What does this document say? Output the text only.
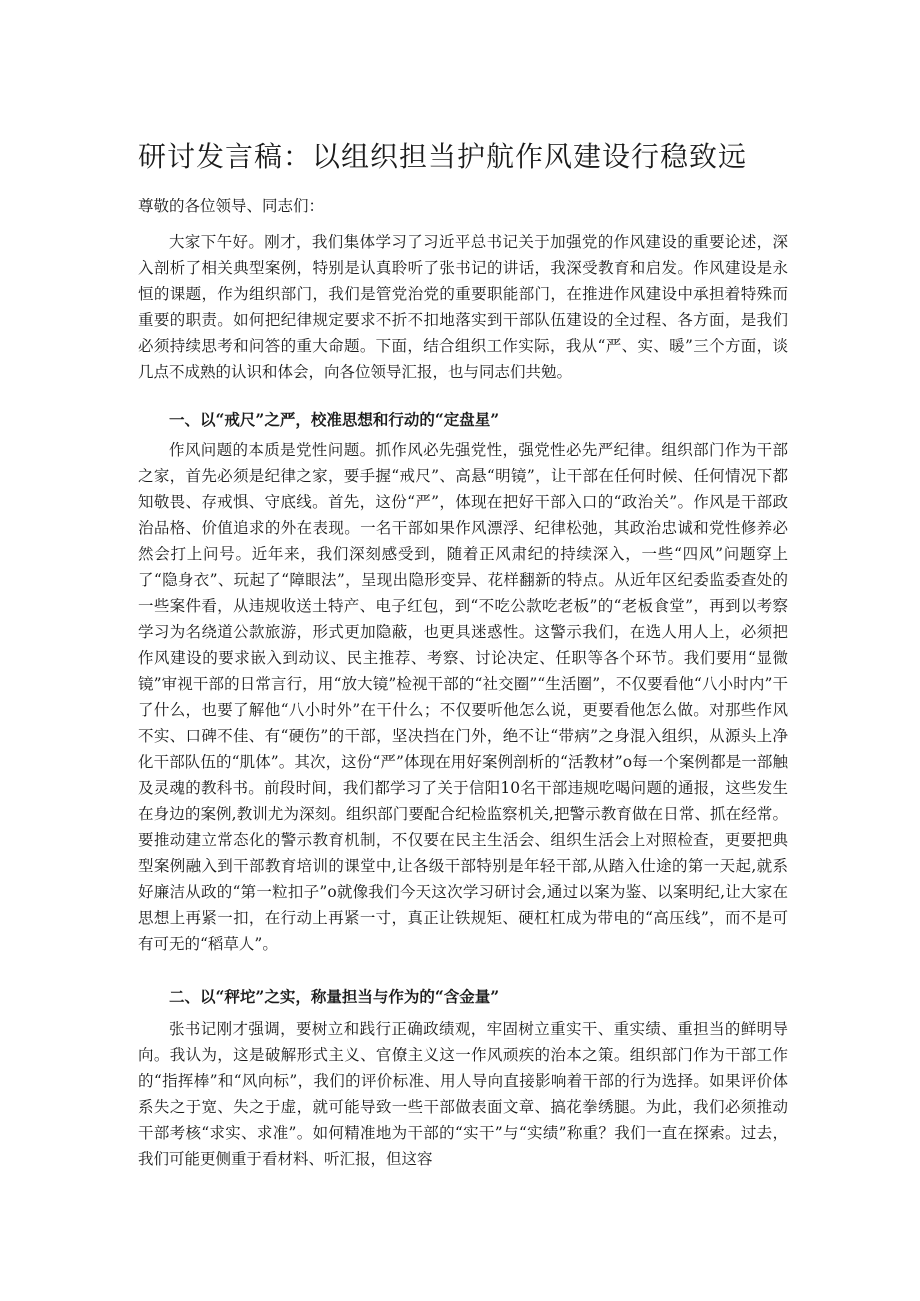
研讨发言稿：以组织担当护航作风建设行稳致远

尊敬的各位领导、同志们：

大家下午好。刚才，我们集体学习了习近平总书记关于加强党的作风建设的重要论述，深入剖析了相关典型案例，特别是认真聆听了张书记的讲话，我深受教育和启发。作风建设是永恒的课题，作为组织部门，我们是管党治党的重要职能部门，在推进作风建设中承担着特殊而重要的职责。如何把纪律规定要求不折不扣地落实到干部队伍建设的全过程、各方面，是我们必须持续思考和问答的重大命题。下面，结合组织工作实际，我从“严、实、暖”三个方面，谈几点不成熟的认识和体会，向各位领导汇报，也与同志们共勉。

一、以“戒尺”之严，校准思想和行动的“定盘星”

作风问题的本质是党性问题。抓作风必先强党性，强党性必先严纪律。组织部门作为干部之家，首先必须是纪律之家，要手握“戒尺”、高悬“明镜”，让干部在任何时候、任何情况下都知敬畏、存戒惧、守底线。首先，这份“严”，体现在把好干部入口的“政治关”。作风是干部政治品格、价值追求的外在表现。一名干部如果作风漂浮、纪律松弛，其政治忠诚和党性修养必然会打上问号。近年来，我们深刻感受到，随着正风肃纪的持续深入，一些“四风”问题穿上了“隐身衣”、玩起了“障眼法”，呈现出隐形变异、花样翻新的特点。从近年区纪委监委查处的一些案件看，从违规收送土特产、电子红包，到“不吃公款吃老板”的“老板食堂”，再到以考察学习为名绕道公款旅游，形式更加隐蔽，也更具迷惑性。这警示我们，在选人用人上，必须把作风建设的要求嵌入到动议、民主推荐、考察、讨论决定、任职等各个环节。我们要用“显微镜”审视干部的日常言行，用“放大镜”检视干部的“社交圈”“生活圈”，不仅要看他“八小时内”干了什么，也要了解他“八小时外”在干什么；不仅要听他怎么说，更要看他怎么做。对那些作风不实、口碑不佳、有“硬伤”的干部，坚决挡在门外，绝不让“带病”之身混入组织，从源头上净化干部队伍的“肌体”。其次，这份“严”体现在用好案例剖析的“活教材”o每一个案例都是一部触及灵魂的教科书。前段时间，我们都学习了关于信阳10名干部违规吃喝问题的通报，这些发生在身边的案例,教训尤为深刻。组织部门要配合纪检监察机关,把警示教育做在日常、抓在经常。要推动建立常态化的警示教育机制，不仅要在民主生活会、组织生活会上对照检查，更要把典型案例融入到干部教育培训的课堂中,让各级干部特别是年轻干部,从踏入仕途的第一天起,就系好廉洁从政的“第一粒扣子”o就像我们今天这次学习研讨会,通过以案为鉴、以案明纪,让大家在思想上再紧一扣，在行动上再紧一寸，真正让铁规矩、硬杠杠成为带电的“高压线”，而不是可有可无的“稻草人”。

二、以“秤坨”之实，称量担当与作为的“含金量”

张书记刚才强调，要树立和践行正确政绩观，牢固树立重实干、重实绩、重担当的鲜明导向。我认为，这是破解形式主义、官僚主义这一作风顽疾的治本之策。组织部门作为干部工作的“指挥棒”和“风向标”，我们的评价标准、用人导向直接影响着干部的行为选择。如果评价体系失之于宽、失之于虚，就可能导致一些干部做表面文章、搞花拳绣腿。为此，我们必须推动干部考核“求实、求准”。如何精准地为干部的“实干”与“实绩”称重？我们一直在探索。过去，我们可能更侧重于看材料、听汇报，但这容
